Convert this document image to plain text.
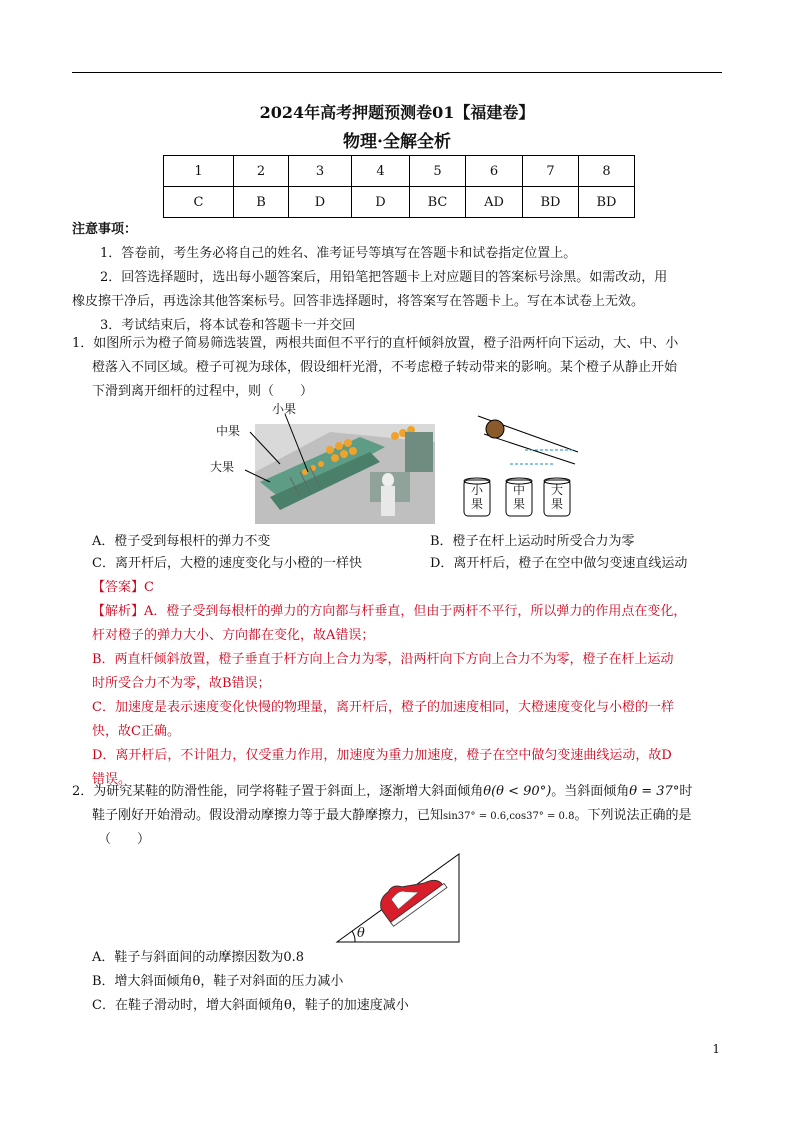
2024年高考押题预测卷01【福建卷】
物理·全解全析
1	2	3	4	5	6	7	8
C	B	D	D	BC	AD	BD	BD
注意事项：
1．答卷前，考生务必将自己的姓名、准考证号等填写在答题卡和试卷指定位置上。
2．回答选择题时，选出每小题答案后，用铅笔把答题卡上对应题目的答案标号涂黑。如需改动，用
橡皮擦干净后，再选涂其他答案标号。回答非选择题时，将答案写在答题卡上。写在本试卷上无效。
3．考试结束后，将本试卷和答题卡一并交回
1．如图所示为橙子简易筛选装置，两根共面但不平行的直杆倾斜放置，橙子沿两杆向下运动，大、中、小
橙落入不同区域。橙子可视为球体，假设细杆光滑，不考虑橙子转动带来的影响。某个橙子从静止开始
下滑到离开细杆的过程中，则（　　）
小果
中果
大果
小果
中果
大果
A．橙子受到每根杆的弹力不变	B．橙子在杆上运动时所受合力为零
C．离开杆后，大橙的速度变化与小橙的一样快	D．离开杆后，橙子在空中做匀变速直线运动
【答案】C
【解析】A．橙子受到每根杆的弹力的方向都与杆垂直，但由于两杆不平行，所以弹力的作用点在变化，
杆对橙子的弹力大小、方向都在变化，故A错误；
B．两直杆倾斜放置，橙子垂直于杆方向上合力为零，沿两杆向下方向上合力不为零，橙子在杆上运动
时所受合力不为零，故B错误；
C．加速度是表示速度变化快慢的物理量，离开杆后，橙子的加速度相同，大橙速度变化与小橙的一样
快，故C正确。
D．离开杆后，不计阻力，仅受重力作用，加速度为重力加速度，橙子在空中做匀变速曲线运动，故D
错误。
2．为研究某鞋的防滑性能，同学将鞋子置于斜面上，逐渐增大斜面倾角θ(θ < 90°)。当斜面倾角θ = 37°时
鞋子刚好开始滑动。假设滑动摩擦力等于最大静摩擦力，已知sin37° = 0.6,cos37° = 0.8。下列说法正确的是
（　　）
θ
A．鞋子与斜面间的动摩擦因数为0.8
B．增大斜面倾角θ，鞋子对斜面的压力减小
C．在鞋子滑动时，增大斜面倾角θ，鞋子的加速度减小
1
